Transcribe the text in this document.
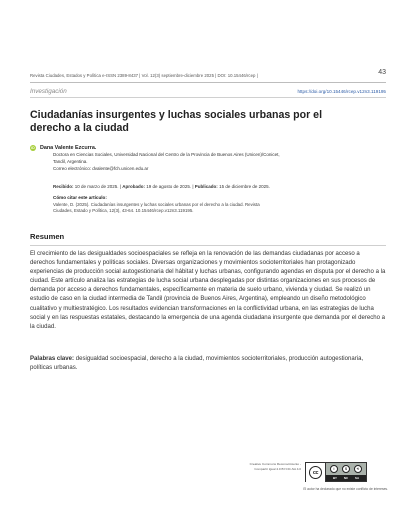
Revista Ciudades, Estados y Política e-ISSN 2389-8437 | Vol. 12(3) septiembre-diciembre 2025 | DOI: 10.15446/rcep |	43
Investigación	https://doi.org/10.15446/rcep.v12n3.119195
Ciudadanías insurgentes y luchas sociales urbanas por el derecho a la ciudad
iD Dana Valente Ezcurra.
Doctora en Ciencias Sociales, Universidad Nacional del Centro de la Provincia de Buenos Aires (Unicen)/Conicet,
Tandil, Argentina.
Correo electrónico: dvalente@fch.unicen.edu.ar
Recibido: 10 de marzo de 2025. | Aprobado: 19 de agosto de 2025. | Publicado: 15 de diciembre de 2025.
Cómo citar este artículo:
Valente, D. (2025). Ciudadanías insurgentes y luchas sociales urbanas por el derecho a la ciudad. Revista
Ciudades, Estado y Política, 12(3), 43-64. 10.15446/rcep.v12n3.119195.
Resumen

El crecimiento de las desigualdades socioespaciales se refleja en la renovación de las demandas ciudadanas por acceso a derechos fundamentales y políticas sociales. Diversas organizaciones y movimientos socioterritoriales han protagonizado experiencias de producción social autogestionaria del hábitat y luchas urbanas, configurando agendas en disputa por el derecho a la ciudad. Este artículo analiza las estrategias de lucha social urbana desplegadas por distintas organizaciones en sus procesos de demanda por acceso a derechos fundamentales, específicamente en materia de suelo urbano, vivienda y ciudad. Se realizó un estudio de caso en la ciudad intermedia de Tandil (provincia de Buenos Aires, Argentina), empleando un diseño metodológico cualitativo y multiestratégico. Los resultados evidencian transformaciones en la conflictividad urbana, en las estrategias de lucha social y en las respuestas estatales, destacando la emergencia de una agenda ciudadana insurgente que demanda por el derecho a la ciudad.

Palabras clave: desigualdad socioespacial, derecho a la ciudad, movimientos socioterritoriales, producción autogestionaria, políticas urbanas.

Creative Commons Reconocimiento - Compartir Igual 4.0 BY-NC-SA 4.0
cc
i	$	⟲
BY NC SA
El autor ha declarado que no existe conflicto de intereses.
